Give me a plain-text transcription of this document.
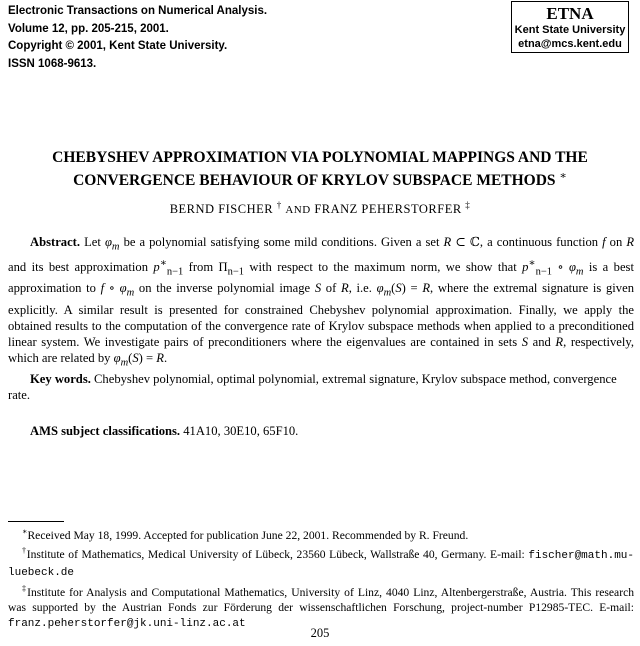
Electronic Transactions on Numerical Analysis.
Volume 12, pp. 205-215, 2001.
Copyright © 2001, Kent State University.
ISSN 1068-9613.
ETNA
Kent State University
etna@mcs.kent.edu
CHEBYSHEV APPROXIMATION VIA POLYNOMIAL MAPPINGS AND THE
CONVERGENCE BEHAVIOUR OF KRYLOV SUBSPACE METHODS ∗
BERND FISCHER † AND FRANZ PEHERSTORFER ‡
Abstract. Let $\varphi_m$ be a polynomial satisfying some mild conditions. Given a set R ⊂ ℂ, a continuous function f on R and its best approximation $p^∗_{n-1}$ from $\Pi_{n-1}$ with respect to the maximum norm, we show that $p^∗_{n-1}$ ∘ $\varphi_m$ is a best approximation to f ∘ $\varphi_m$ on the inverse polynomial image S of R, i.e. $\varphi_m(S) = R$, where the extremal signature is given explicitly. A similar result is presented for constrained Chebyshev polynomial approximation. Finally, we apply the obtained results to the computation of the convergence rate of Krylov subspace methods when applied to a preconditioned linear system. We investigate pairs of preconditioners where the eigenvalues are contained in sets S and R, respectively, which are related by $\varphi_m(S) = R$.
Key words. Chebyshev polynomial, optimal polynomial, extremal signature, Krylov subspace method, convergence rate.
AMS subject classifications. 41A10, 30E10, 65F10.

∗Received May 18, 1999. Accepted for publication June 22, 2001. Recommended by R. Freund.

†Institute of Mathematics, Medical University of Lübeck, 23560 Lübeck, Wallstraße 40, Germany. E-mail: fischer@math.mu-luebeck.de

‡Institute for Analysis and Computational Mathematics, University of Linz, 4040 Linz, Altenbergerstraße, Austria. This research was supported by the Austrian Fonds zur Förderung der wissenschaftlichen Forschung, project-number P12985-TEC. E-mail: franz.peherstorfer@jk.uni-linz.ac.at

205
